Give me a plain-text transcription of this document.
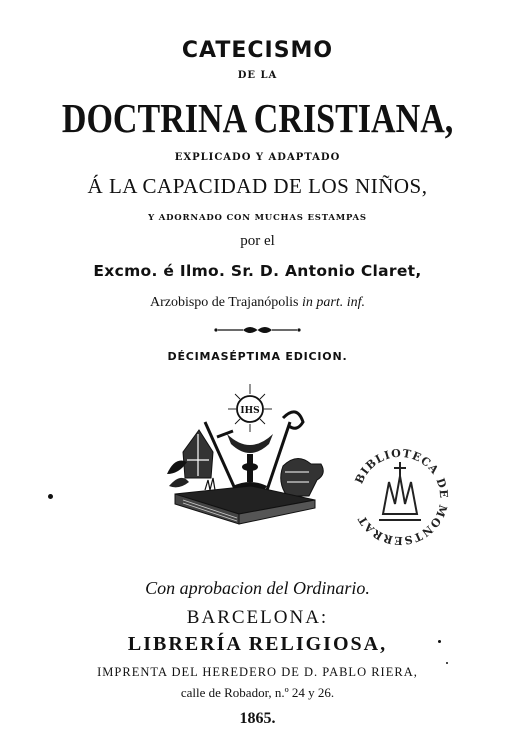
CATECISMO
DE LA
DOCTRINA CRISTIANA,
EXPLICADO Y ADAPTADO
Á LA CAPACIDAD DE LOS NIÑOS,
Y ADORNADO CON MUCHAS ESTAMPAS
por el
Excmo. é Ilmo. Sr. D. Antonio Claret,
Arzobispo de Trajanópolis in part. inf.
DÉCIMASÉPTIMA EDICION.
IHS
BIBLIOTECA DE MONTSERRAT
Con aprobacion del Ordinario.
BARCELONA:
LIBRERÍA RELIGIOSA,
IMPRENTA DEL HEREDERO DE D. PABLO RIERA,
calle de Robador, n.º 24 y 26.
1865.
